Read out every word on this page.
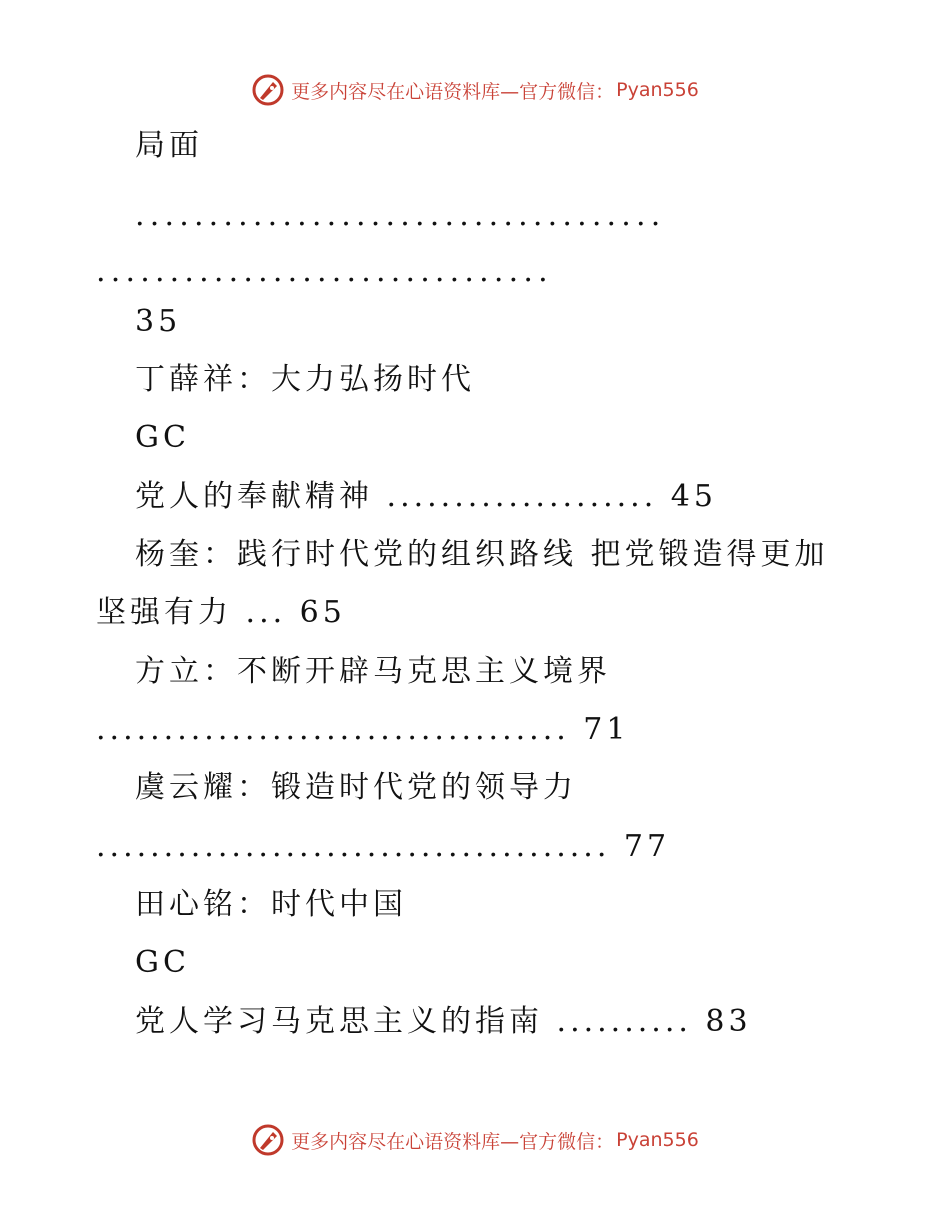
更多内容尽在心语资料库—官方微信： Pyan556
局面
....................................
...............................
35
丁薛祥：大力弘扬时代
GC
党人的奉献精神 .................... 45
杨奎：践行时代党的组织路线 把党锻造得更加
坚强有力 ... 65
方立：不断开辟马克思主义境界
................................... 71
虞云耀：锻造时代党的领导力
...................................... 77
田心铭：时代中国
GC
党人学习马克思主义的指南 .......... 83
更多内容尽在心语资料库—官方微信： Pyan556
